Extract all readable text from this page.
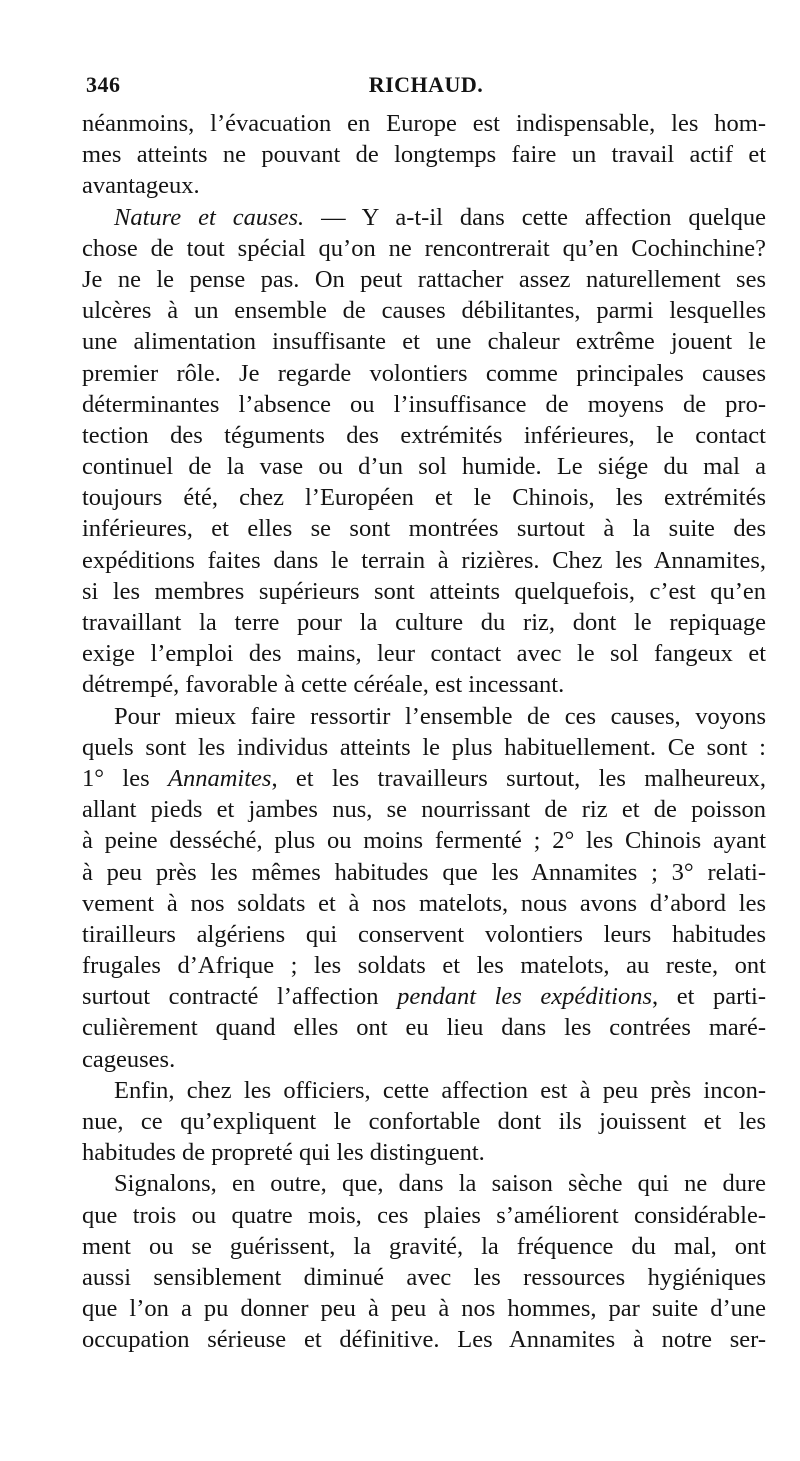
346	RICHAUD.
néanmoins, l’évacuation en Europe est indispensable, les hom-
mes atteints ne pouvant de longtemps faire un travail actif et
avantageux.
Nature et causes. — Y a-t-il dans cette affection quelque
chose de tout spécial qu’on ne rencontrerait qu’en Cochinchine?
Je ne le pense pas. On peut rattacher assez naturellement ses
ulcères à un ensemble de causes débilitantes, parmi lesquelles
une alimentation insuffisante et une chaleur extrême jouent le
premier rôle. Je regarde volontiers comme principales causes
déterminantes l’absence ou l’insuffisance de moyens de pro-
tection des téguments des extrémités inférieures, le contact
continuel de la vase ou d’un sol humide. Le siége du mal a
toujours été, chez l’Européen et le Chinois, les extrémités
inférieures, et elles se sont montrées surtout à la suite des
expéditions faites dans le terrain à rizières. Chez les Annamites,
si les membres supérieurs sont atteints quelquefois, c’est qu’en
travaillant la terre pour la culture du riz, dont le repiquage
exige l’emploi des mains, leur contact avec le sol fangeux et
détrempé, favorable à cette céréale, est incessant.
Pour mieux faire ressortir l’ensemble de ces causes, voyons
quels sont les individus atteints le plus habituellement. Ce sont :
1° les Annamites, et les travailleurs surtout, les malheureux,
allant pieds et jambes nus, se nourrissant de riz et de poisson
à peine desséché, plus ou moins fermenté ; 2° les Chinois ayant
à peu près les mêmes habitudes que les Annamites ; 3° relati-
vement à nos soldats et à nos matelots, nous avons d’abord les
tirailleurs algériens qui conservent volontiers leurs habitudes
frugales d’Afrique ; les soldats et les matelots, au reste, ont
surtout contracté l’affection pendant les expéditions, et parti-
culièrement quand elles ont eu lieu dans les contrées maré-
cageuses.
Enfin, chez les officiers, cette affection est à peu près incon-
nue, ce qu’expliquent le confortable dont ils jouissent et les
habitudes de propreté qui les distinguent.
Signalons, en outre, que, dans la saison sèche qui ne dure
que trois ou quatre mois, ces plaies s’améliorent considérable-
ment ou se guérissent, la gravité, la fréquence du mal, ont
aussi sensiblement diminué avec les ressources hygiéniques
que l’on a pu donner peu à peu à nos hommes, par suite d’une
occupation sérieuse et définitive. Les Annamites à notre ser-
